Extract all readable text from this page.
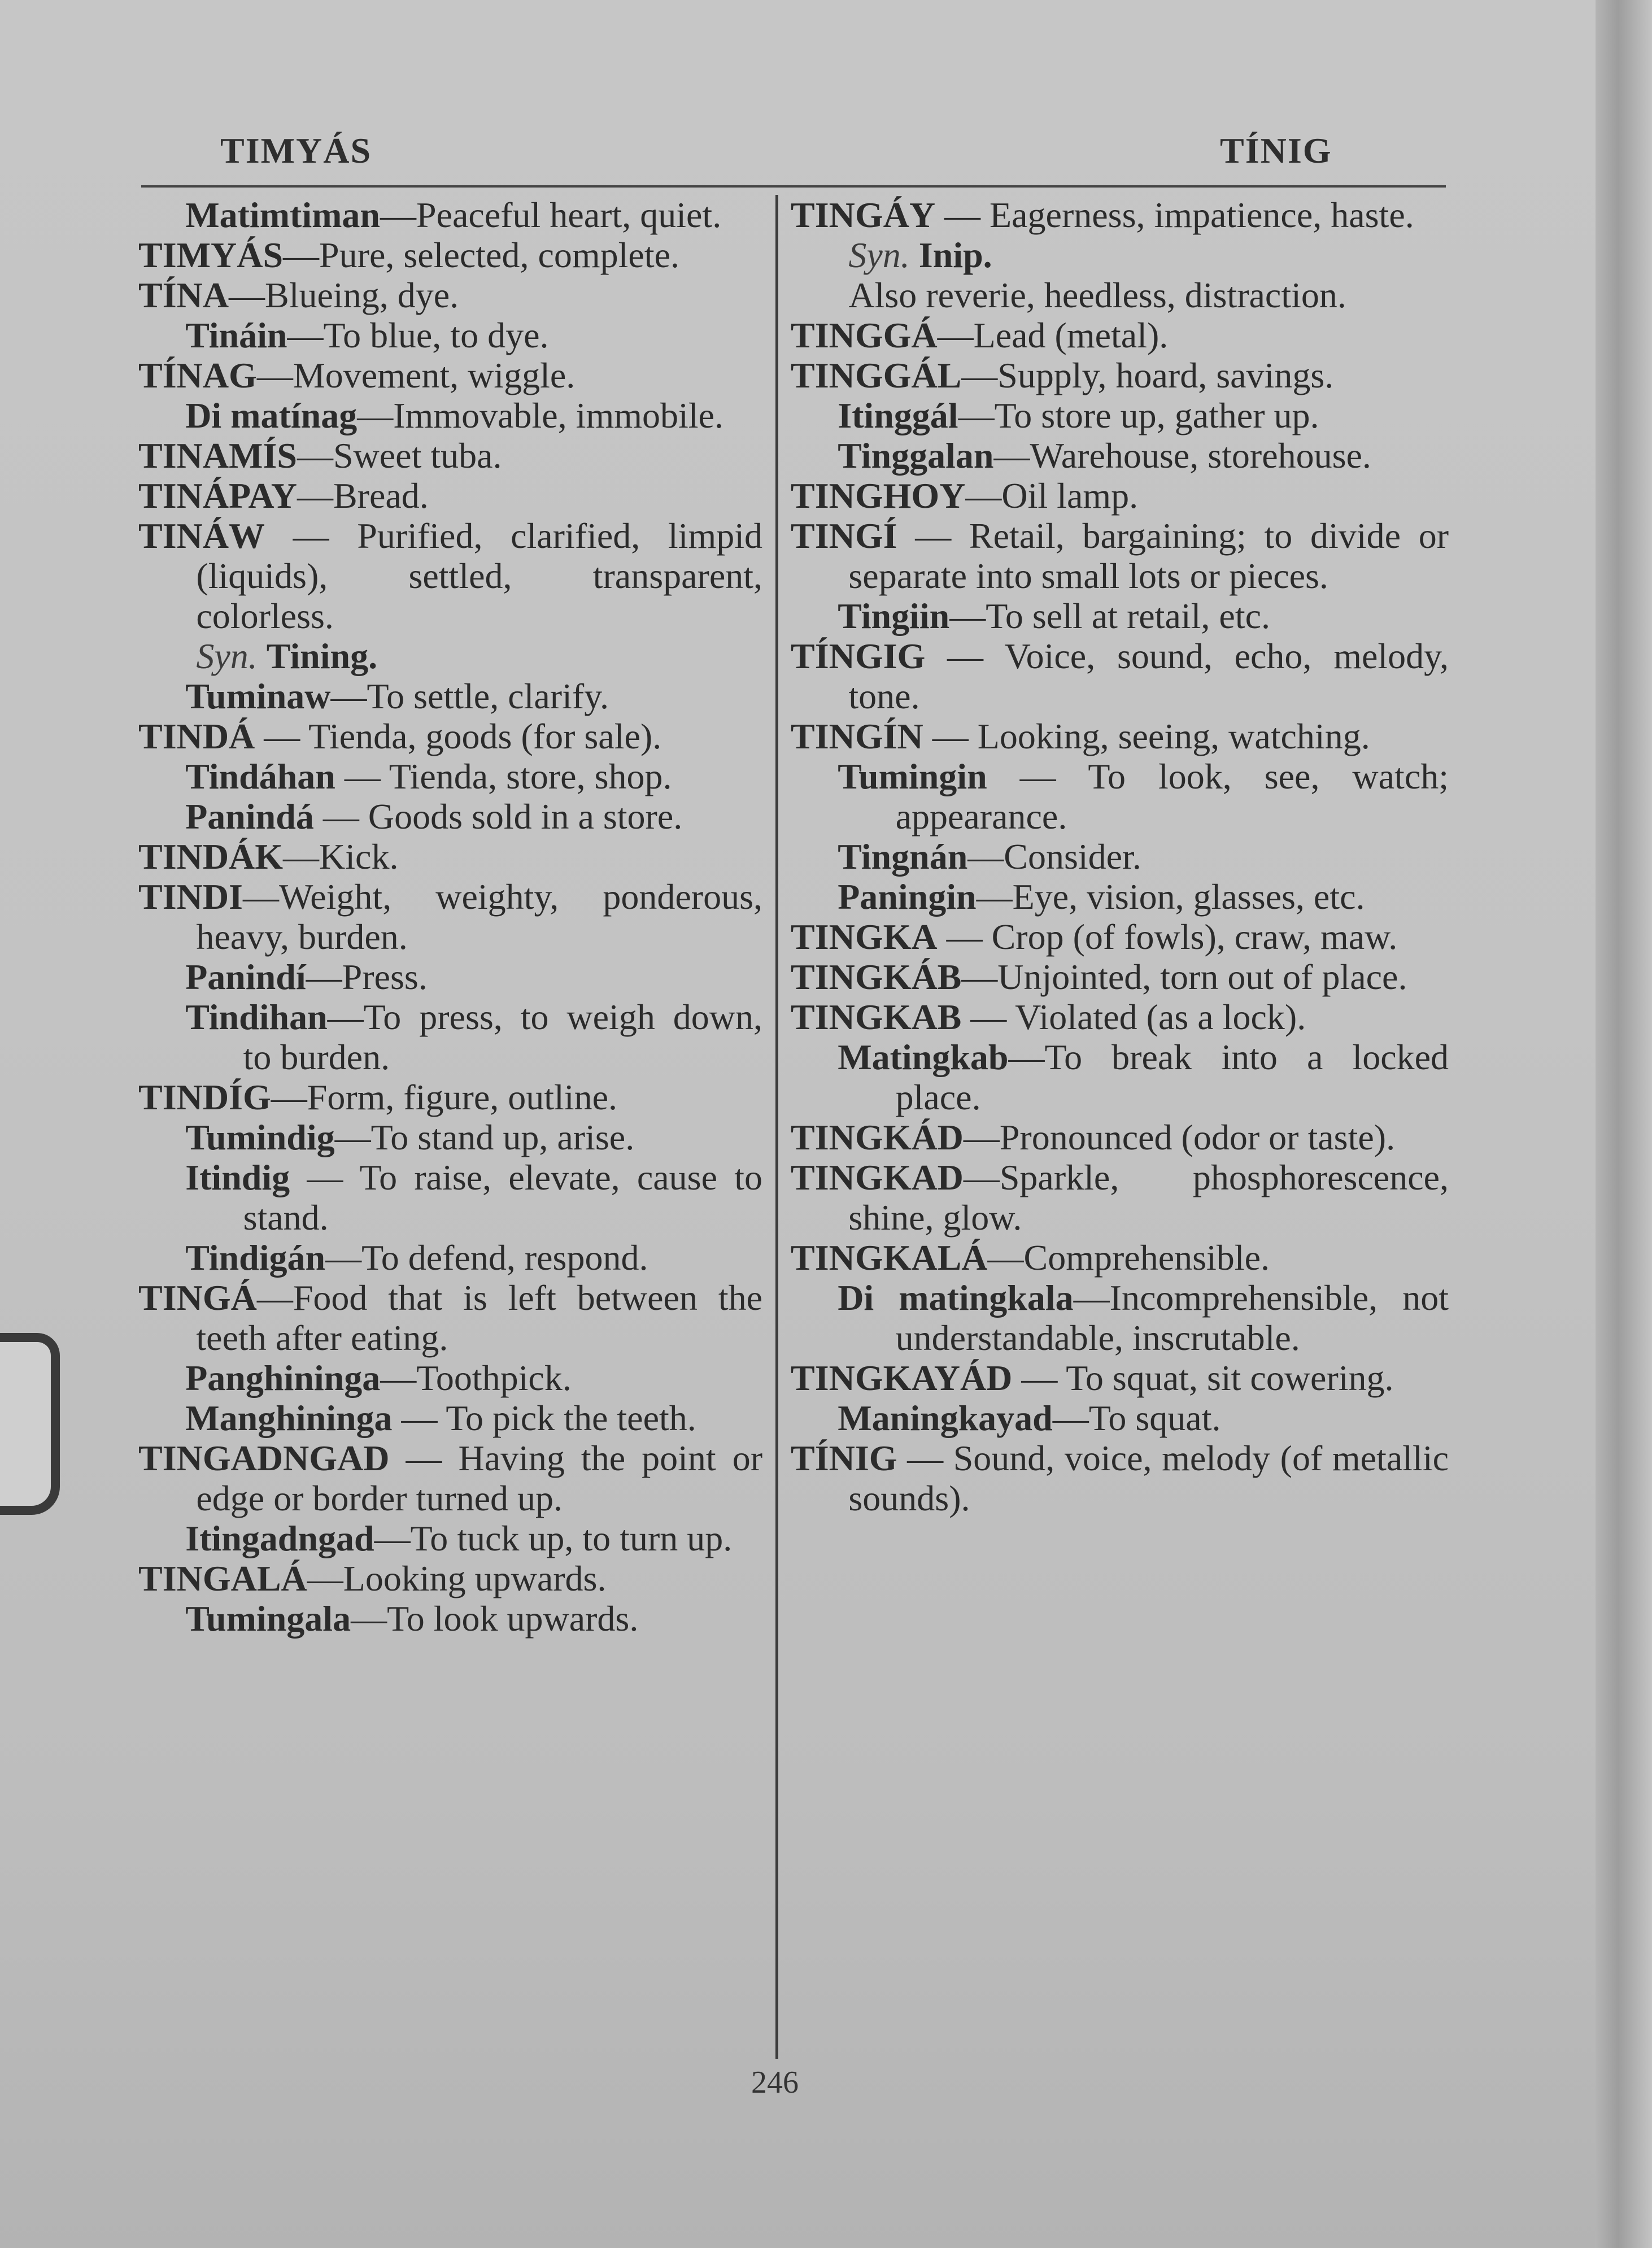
TIMYÁS	TÍNIG

Matimtiman—Peaceful heart, quiet.

TIMYÁS—Pure, selected, complete.

TÍNA—Blueing, dye.

Tináin—To blue, to dye.

TÍNAG—Movement, wiggle.

Di matínag—Immovable, immobile.

TINAMÍS—Sweet tuba.

TINÁPAY—Bread.

TINÁW — Purified, clarified, limpid (liquids), settled, transparent, colorless.

Syn. Tining.

Tuminaw—To settle, clarify.

TINDÁ — Tienda, goods (for sale).

Tindáhan — Tienda, store, shop.

Panindá — Goods sold in a store.

TINDÁK—Kick.

TINDI—Weight, weighty, ponderous, heavy, burden.

Panindí—Press.

Tindihan—To press, to weigh down, to burden.

TINDÍG—Form, figure, outline.

Tumindig—To stand up, arise.

Itindig — To raise, elevate, cause to stand.

Tindigán—To defend, respond.

TINGÁ—Food that is left between the teeth after eating.

Panghininga—Toothpick.

Manghininga — To pick the teeth.

TINGADNGAD — Having the point or edge or border turned up.

Itingadngad—To tuck up, to turn up.

TINGALÁ—Looking upwards.

Tumingala—To look upwards.

TINGÁY — Eagerness, impatience, haste.

Syn. Inip.

Also reverie, heedless, distraction.

TINGGÁ—Lead (metal).

TINGGÁL—Supply, hoard, savings.

Itinggál—To store up, gather up.

Tinggalan—Warehouse, storehouse.

TINGHOY—Oil lamp.

TINGÍ — Retail, bargaining; to divide or separate into small lots or pieces.

Tingiin—To sell at retail, etc.

TÍNGIG — Voice, sound, echo, melody, tone.

TINGÍN — Looking, seeing, watching.

Tumingin — To look, see, watch; appearance.

Tingnán—Consider.

Paningin—Eye, vision, glasses, etc.

TINGKA — Crop (of fowls), craw, maw.

TINGKÁB—Unjointed, torn out of place.

TINGKAB — Violated (as a lock).

Matingkab—To break into a locked place.

TINGKÁD—Pronounced (odor or taste).

TINGKAD—Sparkle, phosphorescence, shine, glow.

TINGKALÁ—Comprehensible.

Di matingkala—Incomprehensible, not understandable, inscrutable.

TINGKAYÁD — To squat, sit cowering.

Maningkayad—To squat.

TÍNIG — Sound, voice, melody (of metallic sounds).

246
